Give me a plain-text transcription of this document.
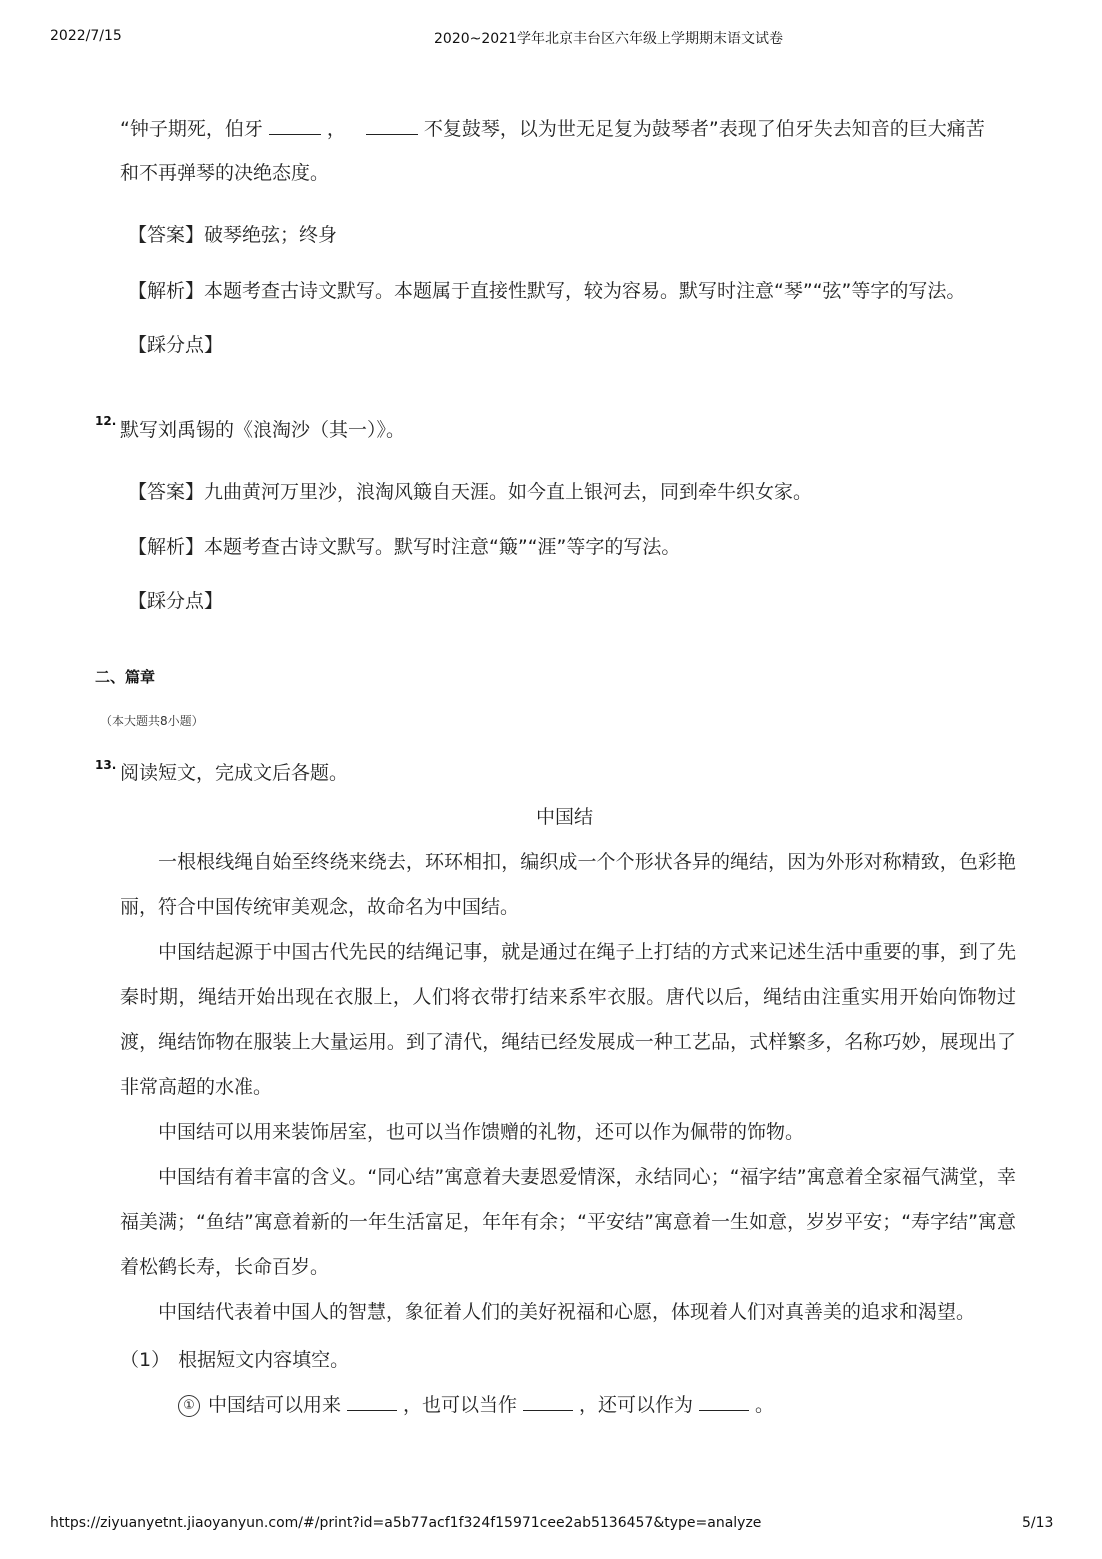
2022/7/15	2020~2021学年北京丰台区六年级上学期期末语文试卷
“钟子期死，伯牙	，	不复鼓琴，以为世无足复为鼓琴者”表现了伯牙失去知音的巨大痛苦
和不再弹琴的决绝态度。
【答案】破琴绝弦；终身
【解析】本题考查古诗文默写。本题属于直接性默写，较为容易。默写时注意“琴”“弦”等字的写法。
【踩分点】
12. 默写刘禹锡的《浪淘沙（其一）》。
【答案】九曲黄河万里沙，浪淘风簸自天涯。如今直上银河去，同到牵牛织女家。
【解析】本题考查古诗文默写。默写时注意“簸”“涯”等字的写法。
【踩分点】
二、篇章
（本大题共8小题）
13. 阅读短文，完成文后各题。
中国结
一根根线绳自始至终绕来绕去，环环相扣，编织成一个个形状各异的绳结，因为外形对称精致，色彩艳丽，符合中国传统审美观念，故命名为中国结。
中国结起源于中国古代先民的结绳记事，就是通过在绳子上打结的方式来记述生活中重要的事，到了先秦时期，绳结开始出现在衣服上，人们将衣带打结来系牢衣服。唐代以后，绳结由注重实用开始向饰物过渡，绳结饰物在服装上大量运用。到了清代，绳结已经发展成一种工艺品，式样繁多，名称巧妙，展现出了非常高超的水准。
中国结可以用来装饰居室，也可以当作馈赠的礼物，还可以作为佩带的饰物。
中国结有着丰富的含义。“同心结”寓意着夫妻恩爱情深，永结同心；“福字结”寓意着全家福气满堂，幸福美满；“鱼结”寓意着新的一年生活富足，年年有余；“平安结”寓意着一生如意，岁岁平安；“寿字结”寓意着松鹤长寿，长命百岁。
中国结代表着中国人的智慧，象征着人们的美好祝福和心愿，体现着人们对真善美的追求和渴望。
（1） 根据短文内容填空。
① 中国结可以用来	，也可以当作	，还可以作为	。
https://ziyuanyetnt.jiaoyanyun.com/#/print?id=a5b77acf1f324f15971cee2ab5136457&type=analyze	5/13
